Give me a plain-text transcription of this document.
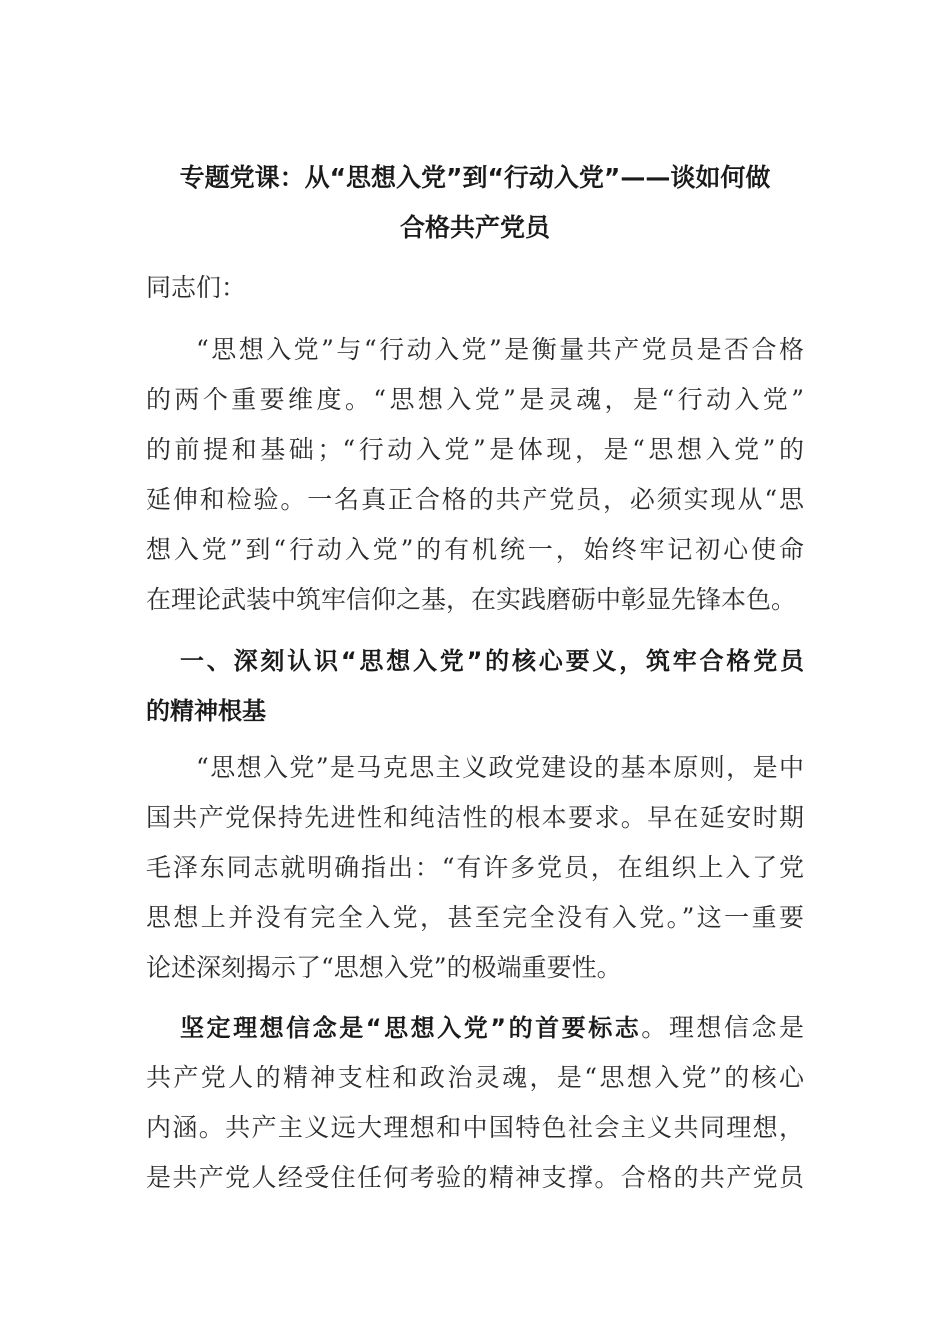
专题党课：从“思想入党”到“行动入党”——谈如何做
合格共产党员
同志们：
“思想入党”与“行动入党”是衡量共产党员是否合格
的两个重要维度。“思想入党”是灵魂，是“行动入党”
的前提和基础；“行动入党”是体现，是“思想入党”的
延伸和检验。一名真正合格的共产党员，必须实现从“思
想入党”到“行动入党”的有机统一，始终牢记初心使命
在理论武装中筑牢信仰之基，在实践磨砺中彰显先锋本色。
一、深刻认识“思想入党”的核心要义，筑牢合格党员
的精神根基
“思想入党”是马克思主义政党建设的基本原则，是中
国共产党保持先进性和纯洁性的根本要求。早在延安时期
毛泽东同志就明确指出：“有许多党员，在组织上入了党
思想上并没有完全入党，甚至完全没有入党。”这一重要
论述深刻揭示了“思想入党”的极端重要性。
坚定理想信念是“思想入党”的首要标志。理想信念是
共产党人的精神支柱和政治灵魂，是“思想入党”的核心
内涵。共产主义远大理想和中国特色社会主义共同理想，
是共产党人经受住任何考验的精神支撑。合格的共产党员
